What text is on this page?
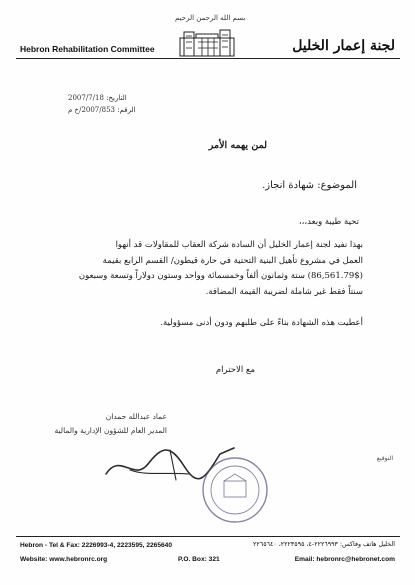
بسم الله الرحمن الرحيم
Hebron Rehabilitation Committee	لجنة إعمار الخليل
التاريخ: 2007/7/18
الرقم: 2007/853/خ م
لمن يهمه الأمر
الموضوع: شهادة انجاز.
تحية طيبة وبعد،،،
بهذا نفيد لجنة إعمار الخليل أن السادة شركة العقاب للمقاولات قد أنهوا
العمل في مشروع تأهيل البنية التحتية في حارة قيطون/ القسم الرابع بقيمة
(86,561.79$) ستة وثمانون ألفاً وخمسمائة وواحد وستون دولاراً وتسعة وسبعون
سنتاً فقط غير شاملة لضريبة القيمة المضافة.
أعطيت هذه الشهادة بناءً على طلبهم ودون أدنى مسؤولية.
مع الاحترام
عماد عبدالله حمدان
المدير العام للشؤون الإدارية والمالية
التوقيع
Hebron - Tel & Fax: 2226993-4, 2223595, 2265640
Website: www.hebronrc.org	P.O. Box: 321
الخليل هاتف وفاكس: ٢٢٢٦٩٩٣-٤، ٢٢٢٣٥٩٥، ٢٢٦٥٦٤٠
Email: hebronrc@hebronet.com
